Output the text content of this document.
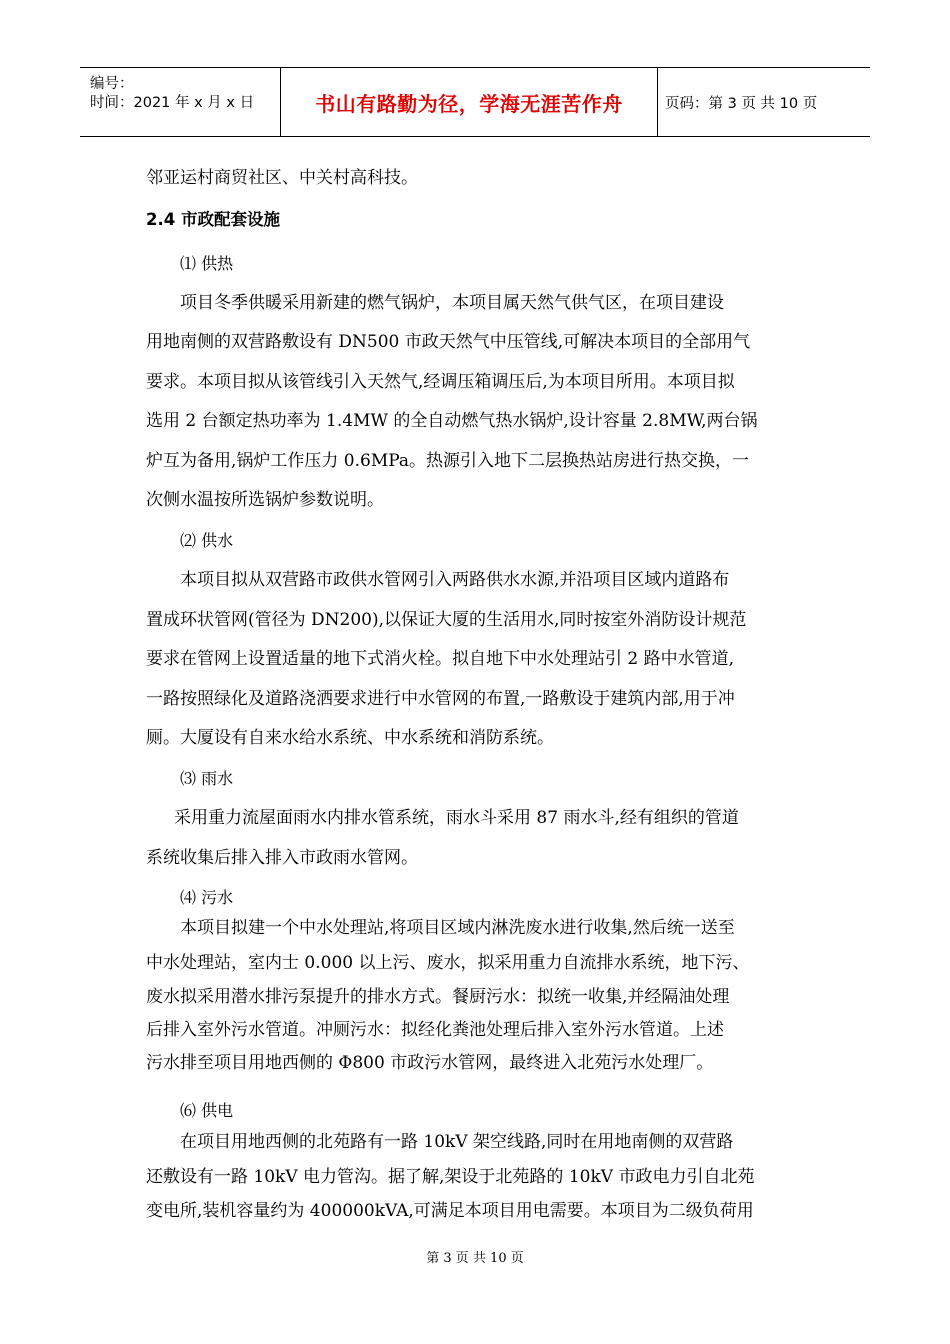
编号：
时间：2021 年 x 月 x 日	书山有路勤为径，学海无涯苦作舟	页码：第 3 页 共 10 页
邻亚运村商贸社区、中关村高科技。
2.4 市政配套设施
⑴ 供热
项目冬季供暖采用新建的燃气锅炉，本项目属天然气供气区，在项目建设
用地南侧的双营路敷设有 DN500 市政天然气中压管线,可解决本项目的全部用气
要求。本项目拟从该管线引入天然气,经调压箱调压后,为本项目所用。本项目拟
选用 2 台额定热功率为 1.4MW 的全自动燃气热水锅炉,设计容量 2.8MW,两台锅
炉互为备用,锅炉工作压力 0.6MPa。热源引入地下二层换热站房进行热交换，一
次侧水温按所选锅炉参数说明。
⑵ 供水
本项目拟从双营路市政供水管网引入两路供水水源,并沿项目区域内道路布
置成环状管网(管径为 DN200),以保证大厦的生活用水,同时按室外消防设计规范
要求在管网上设置适量的地下式消火栓。拟自地下中水处理站引 2 路中水管道,
一路按照绿化及道路浇洒要求进行中水管网的布置,一路敷设于建筑内部,用于冲
厕。大厦设有自来水给水系统、中水系统和消防系统。
⑶ 雨水
采用重力流屋面雨水内排水管系统，雨水斗采用 87 雨水斗,经有组织的管道
系统收集后排入排入市政雨水管网。
⑷ 污水
本项目拟建一个中水处理站,将项目区域内淋洗废水进行收集,然后统一送至
中水处理站，室内士 0.000 以上污、废水，拟采用重力自流排水系统，地下污、
废水拟采用潜水排污泵提升的排水方式。餐厨污水：拟统一收集,并经隔油处理
后排入室外污水管道。冲厕污水：拟经化粪池处理后排入室外污水管道。上述
污水排至项目用地西侧的 Φ800 市政污水管网，最终进入北苑污水处理厂。
⑹ 供电
在项目用地西侧的北苑路有一路 10kV 架空线路,同时在用地南侧的双营路
还敷设有一路 10kV 电力管沟。据了解,架设于北苑路的 10kV 市政电力引自北苑
变电所,装机容量约为 400000kVA,可满足本项目用电需要。本项目为二级负荷用
第 3 页 共 10 页
